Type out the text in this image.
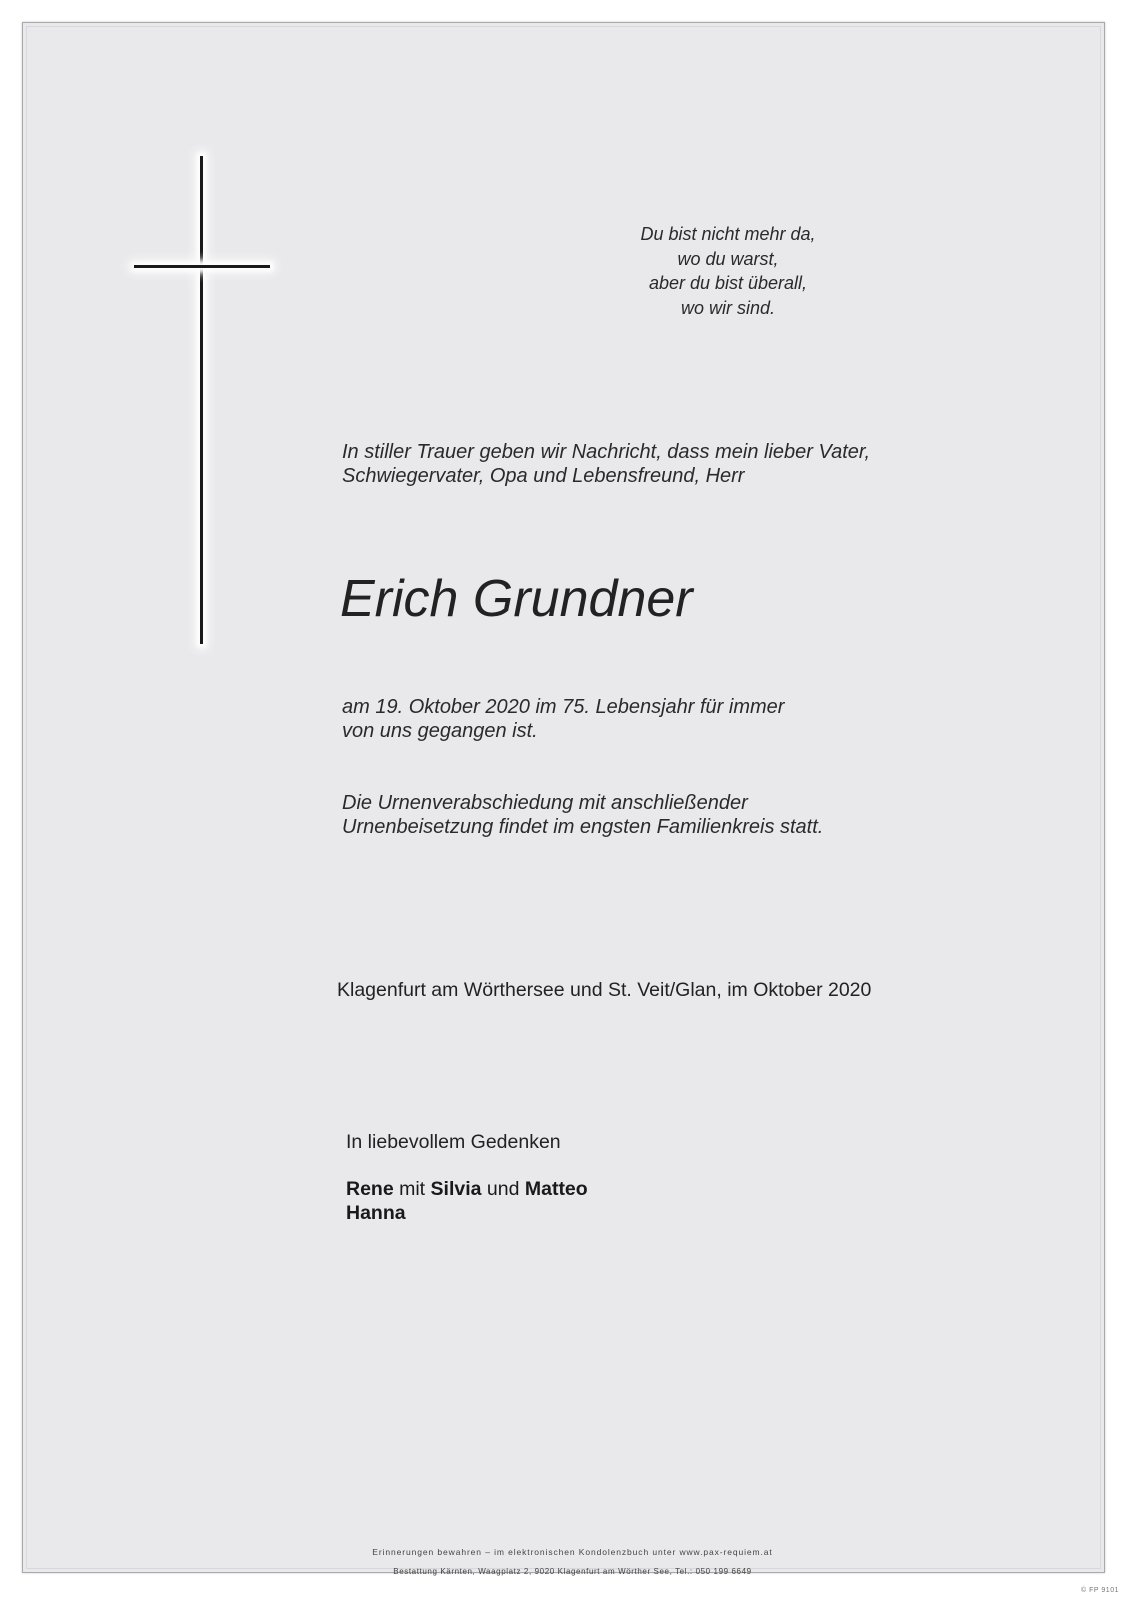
Du bist nicht mehr da,
wo du warst,
aber du bist überall,
wo wir sind.
In stiller Trauer geben wir Nachricht, dass mein lieber Vater,
Schwiegervater, Opa und Lebensfreund, Herr
Erich Grundner
am 19. Oktober 2020 im 75. Lebensjahr für immer
von uns gegangen ist.
Die Urnenverabschiedung mit anschließender
Urnenbeisetzung findet im engsten Familienkreis statt.
Klagenfurt am Wörthersee und St. Veit/Glan, im Oktober 2020
In liebevollem Gedenken
Rene mit Silvia und Matteo
Hanna
Erinnerungen bewahren – im elektronischen Kondolenzbuch unter www.pax-requiem.at
Bestattung Kärnten, Waagplatz 2, 9020 Klagenfurt am Wörther See, Tel.: 050 199 6649
© FP 9101
